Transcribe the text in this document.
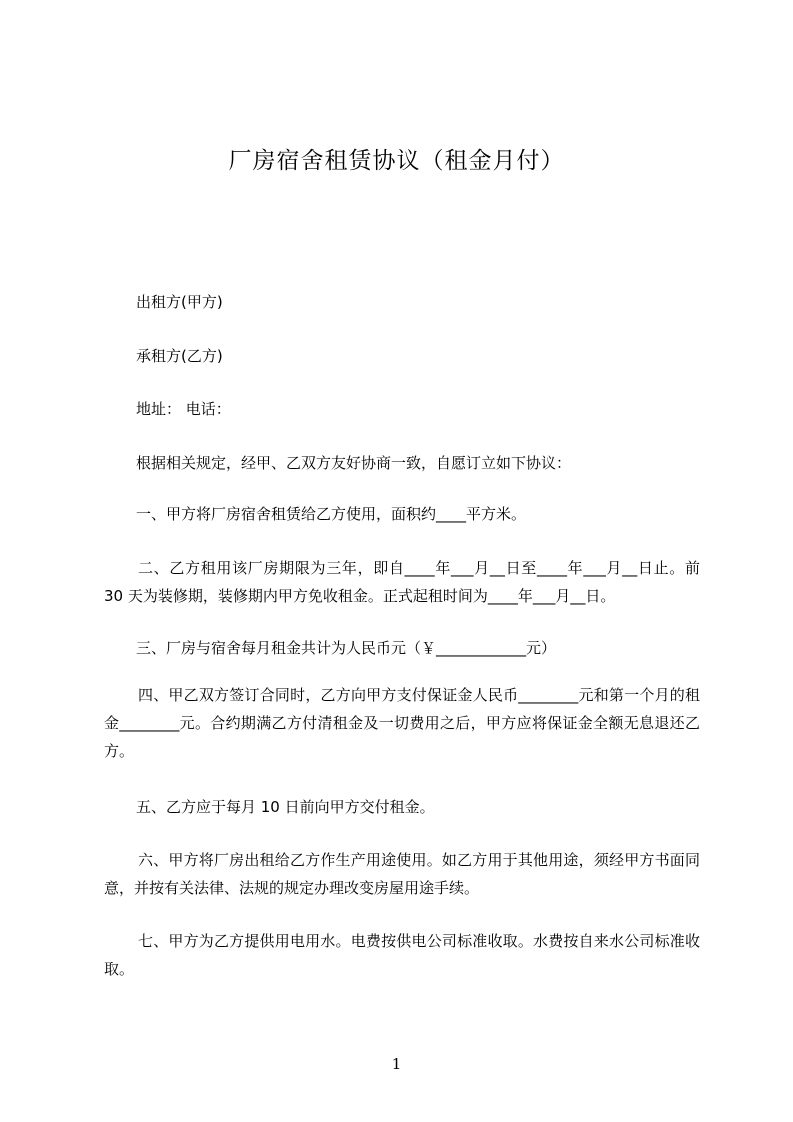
厂房宿舍租赁协议（租金月付）
出租方(甲方)
承租方(乙方)
地址： 电话：
根据相关规定，经甲、乙双方友好协商一致，自愿订立如下协议：

一、甲方将厂房宿舍租赁给乙方使用，面积约____平方米。

二、乙方租用该厂房期限为三年，即自____年___月__日至____年___月__日止。前 30 天为装修期，装修期内甲方免收租金。正式起租时间为____年___月__日。

三、厂房与宿舍每月租金共计为人民币元（￥____________元）

四、甲乙双方签订合同时，乙方向甲方支付保证金人民币________元和第一个月的租金________元。合约期满乙方付清租金及一切费用之后，甲方应将保证金全额无息退还乙方。

五、乙方应于每月 10 日前向甲方交付租金。

六、甲方将厂房出租给乙方作生产用途使用。如乙方用于其他用途，须经甲方书面同意，并按有关法律、法规的规定办理改变房屋用途手续。

七、甲方为乙方提供用电用水。电费按供电公司标准收取。水费按自来水公司标准收取。

1
